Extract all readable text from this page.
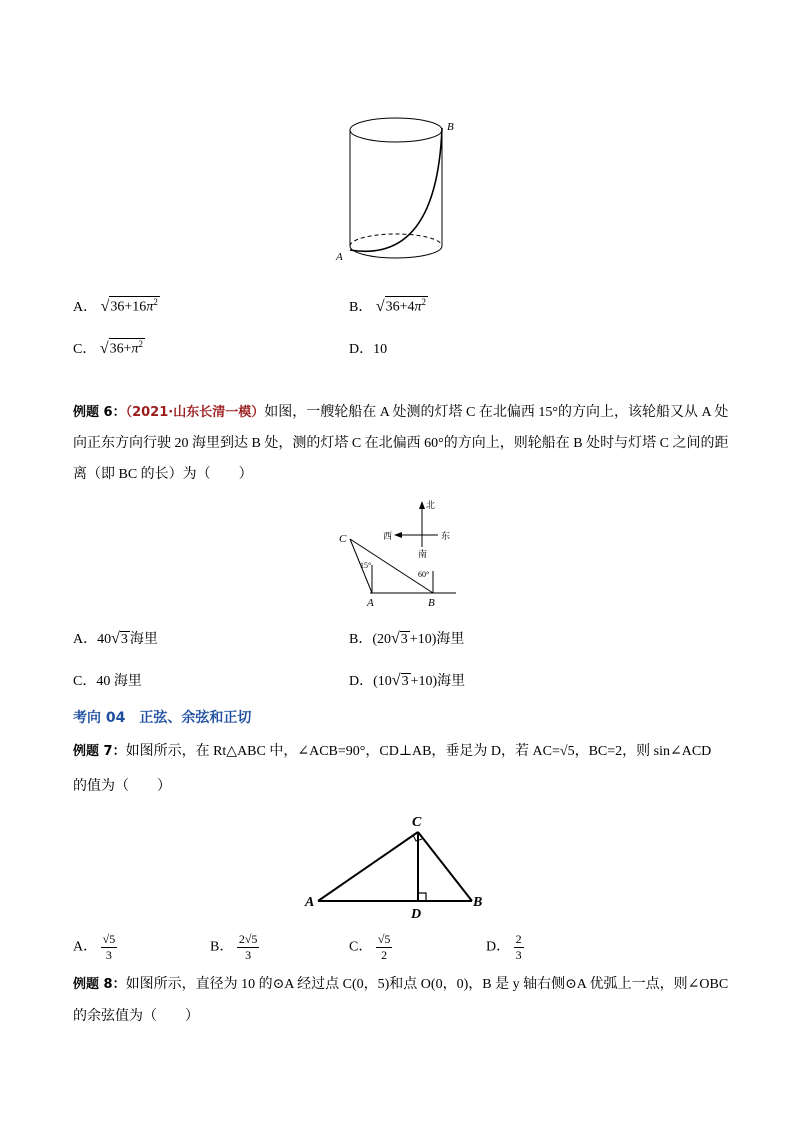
A
B
A． $√36+16\pi^2$	B． $√36+4\pi^2$
C． $√36+\pi^2$	D．10
例题 6：（2021·山东长清一模）如图，一艘轮船在 A 处测的灯塔 C 在北偏西 15°的方向上，该轮船又从 A 处
向正东方向行驶 20 海里到达 B 处，测的灯塔 C 在北偏西 60°的方向上，则轮船在 B 处时与灯塔 C 之间的距
离（即 BC 的长）为（　　）
北
西	东
南
C
A	B
15°
60°
A．40√3 海里	B．(20√3 +10)海里
C．40 海里	D．(10√3 +10)海里
考向 04　正弦、余弦和正切
例题 7：如图所示，在 Rt△ABC 中，∠ACB=90°，CD⊥AB，垂足为 D，若 AC=√5，BC=2，则 sin∠ACD
的值为（　　）
C
A	B
D
A． $\frac{√5}{3}$	B． $\frac{2√5}{3}$	C． $\frac{√5}{2}$	D． $\frac{2}{3}$
例题 8：如图所示，直径为 10 的⊙A 经过点 C(0，5)和点 O(0，0)，B 是 y 轴右侧⊙A 优弧上一点，则∠OBC
的余弦值为（　　）
